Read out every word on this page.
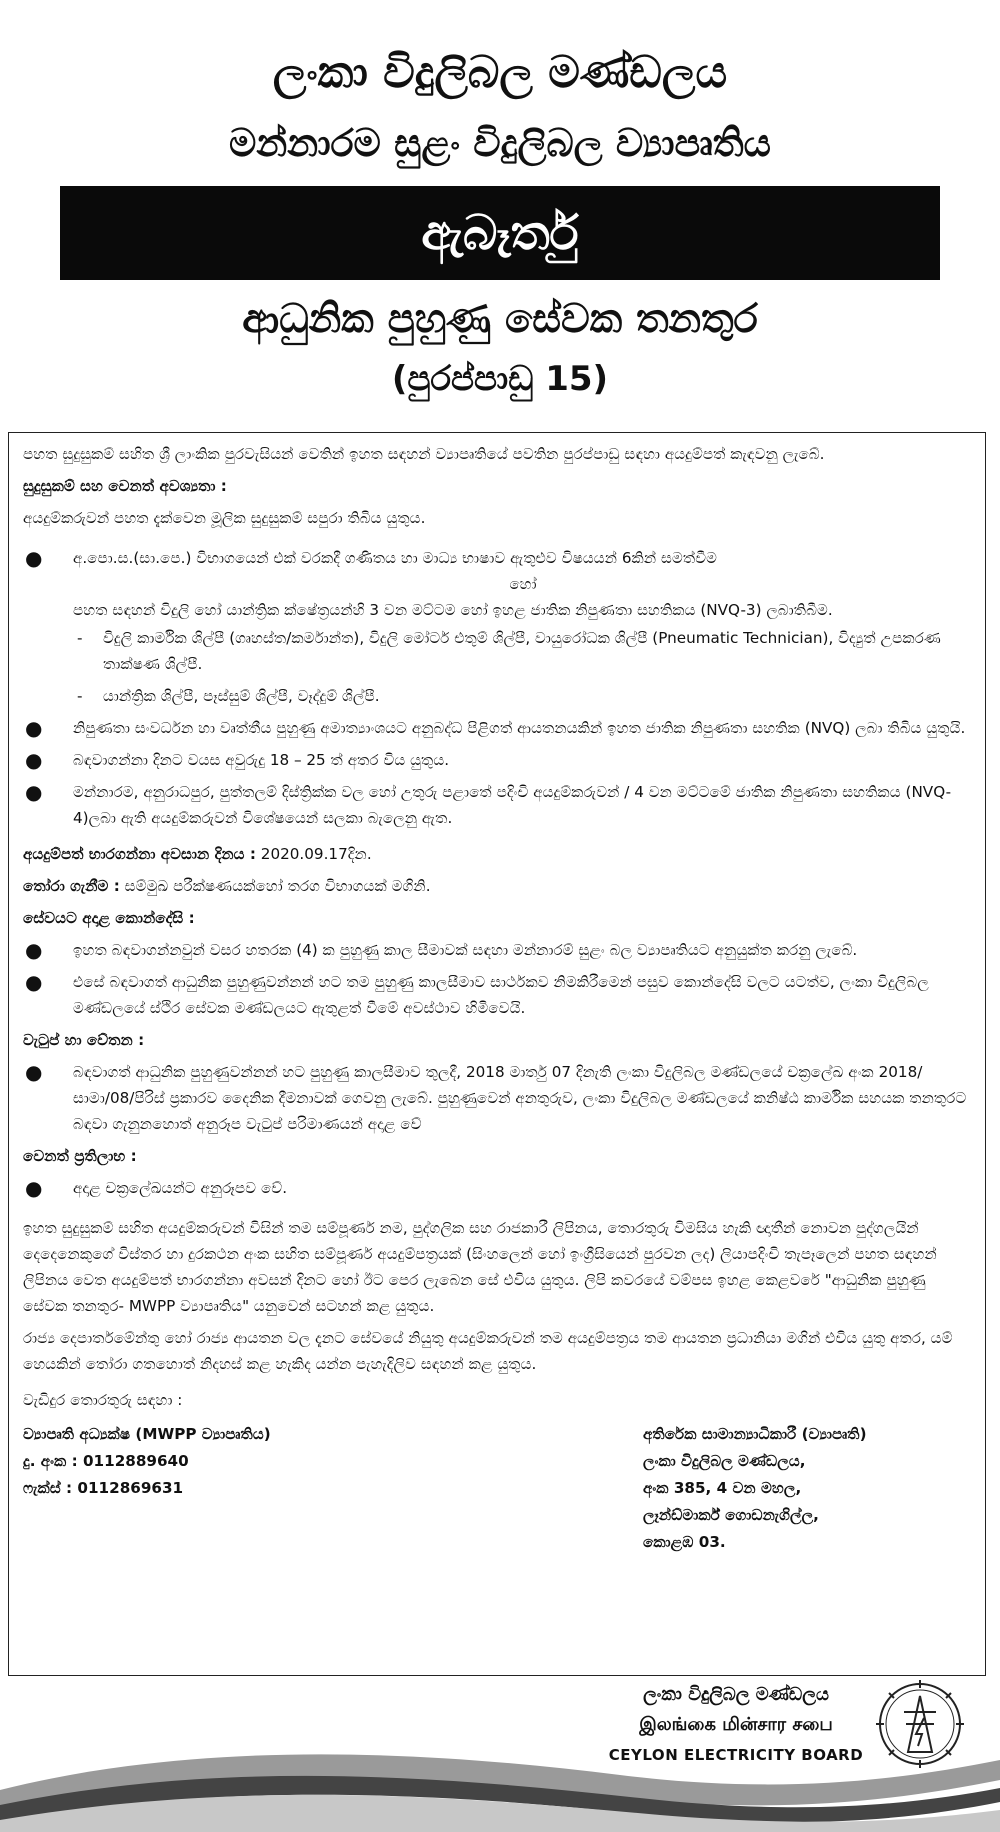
ලංකා විදුලිබල මණ්ඩලය
මන්නාරම සුළං විදුලිබල ව්‍යාපෘතිය
ඇබෑර්තු
ආධුනික පුහුණු සේවක තනතුර
(පුරප්පාඩු 15)
පහත සුදුසුකම් සහිත ශ්‍රී ලාංකික පුරවැසියන් වෙතින් ඉහත සඳහන් ව්‍යාපෘතියේ පවතින පුරප්පාඩු සඳහා අයදුම්පත් කැඳවනු ලැබේ.
සුදුසුකම් සහ වෙනත් අවශ්‍යතා :
අයදුම්කරුවන් පහත දැක්වෙන මූලික සුදුසුකම් සපුරා තිබිය යුතුය.
● අ.පො.ස.(සා.පෙ.) විභාගයෙන් එක් වරකදී ගණිතය හා මාධ්‍ය භාෂාව ඇතුළුව විෂයයන් 6කින් සමත්වීම
හෝ
පහත සඳහන් විදුලි හෝ යාන්ත්‍රික ක්ෂේත්‍රයන්හි 3 වන මට්ටම හෝ ඉහළ ජාතික නිපුණතා සහතිකය (NVQ-3) ලබාතිබීම.
- විදුලි කාර්මික ශිල්පී (ගෘහස්ත/කර්මාන්ත), විදුලි මෝටර් එතුම් ශිල්පී, වායුරෝධක ශිල්පී (Pneumatic Technician), විද්‍යුත් උපකරණ තාක්ෂණ ශිල්පී.
- යාන්ත්‍රික ශිල්පී, පෑස්සුම් ශිල්පී, වෑද්දුම් ශිල්පී.
● නිපුණතා සංවර්ධන හා වෘත්තීය පුහුණු අමාත්‍යාංශයට අනුබද්ධ පිළිගත් ආයතනයකින් ඉහත ජාතික නිපුණතා සහතික (NVQ) ලබා තිබිය යුතුයි.
● බඳවාගන්නා දිනට වයස අවුරුදු 18 – 25 ත් අතර විය යුතුය.
● මන්නාරම, අනුරාධපුර, පුත්තලම් දිස්ත්‍රික්ක වල හෝ උතුරු පළාතේ පදිංචි අයදුම්කරුවන් / 4 වන මට්ටමේ ජාතික නිපුණතා සහතිකය (NVQ-4)ලබා ඇති අයදුම්කරුවන් විශේෂයෙන් සලකා බැලෙනු ඇත.
අයදුම්පත් භාරගන්නා අවසාන දිනය : 2020.09.17දින.
තෝරා ගැනීම : සම්මුඛ පරීක්ෂණයක්හෝ තරග විභාගයක් මගිනි.
සේවයට අදාළ කොන්දේසි :
● ඉහත බඳවාගන්නවුන් වසර හතරක (4) ක පුහුණු කාල සීමාවක් සඳහා මන්නාරම් සුළං බල ව්‍යාපෘතියට අනුයුක්ත කරනු ලැබේ.
● එසේ බඳවාගත් ආධුනික පුහුණුවන්නන් හට තම පුහුණු කාලසීමාව සාර්ථකව නිමකිරීමෙන් පසුව කොන්දේසි වලට යටත්ව, ලංකා විදුලිබල මණ්ඩලයේ ස්ථිර සේවක මණ්ඩලයට ඇතුළත් වීමේ අවස්ථාව හිමිවෙයි.
වැටුප් හා වේතන :
● බඳවාගත් ආධුනික පුහුණුවන්නන් හට පුහුණු කාලසීමාව තුලදී, 2018 මාර්තු 07 දිනැති ලංකා විදුලිබල මණ්ඩලයේ චක්‍රලේඛ අංක 2018/සාමා/08/පිරිස් ප්‍රකාරව දෛනික දීමනාවක් ගෙවනු ලැබේ. පුහුණුවෙන් අනතුරුව, ලංකා විදුලිබල මණ්ඩලයේ කනිෂ්ඨ කාර්මික සහයක තනතුරට බඳවා ගැනුනහොත් අනුරූප වැටුප් පරිමාණයන් අදාළ වේ
වෙනත් ප්‍රතිලාභ :
● අදාළ චක්‍රලේඛයන්ට අනුරූපව වේ.
ඉහත සුදුසුකම් සහිත අයදුම්කරුවන් විසින් තම සම්පූර්ණ නම, පුද්ගලික සහ රාජකාරී ලිපිනය, තොරතුරු විමසිය හැකි ඥාතීන් නොවන පුද්ගලයින් දෙදෙනෙකුගේ විස්තර හා දුරකථන අංක සහිත සම්පූර්ණ අයදුම්පත්‍රයක් (සිංහලෙන් හෝ ඉංග්‍රීසියෙන් පුරවන ලද) ලියාපදිංචි තැපෑලෙන් පහත සඳහන් ලිපිනය වෙත අයදුම්පත් භාරගන්නා අවසන් දිනට හෝ ඊට පෙර ලැබෙන සේ එවිය යුතුය. ලිපි කවරයේ වම්පස ඉහළ කෙළවරේ "ආධුනික පුහුණු සේවක තනතුර- MWPP ව්‍යාපෘතිය" යනුවෙන් සටහන් කළ යුතුය.
රාජ්‍ය දෙපාර්තමේන්තු හෝ රාජ්‍ය ආයතන වල දැනට සේවයේ නියුතු අයදුම්කරුවන් තම අයදුම්පත්‍රය තම ආයතන ප්‍රධානියා මගින් එවිය යුතු අතර, යම් හෙයකින් තෝරා ගතහොත් නිදහස් කළ හැකිද යන්න පැහැදිලිව සඳහන් කළ යුතුය.
වැඩිදුර තොරතුරු සඳහා :
ව්‍යාපෘති අධ්‍යක්ෂ (MWPP ව්‍යාපෘතිය)
දු. අංක : 0112889640
ෆැක්ස් : 0112869631
අතිරේක සාමාන්‍යාධිකාරී (ව්‍යාපෘති)
ලංකා විදුලිබල මණ්ඩලය,
අංක 385, 4 වන මහල,
ලෑන්ඩ්මාර්ක් ගොඩනැගිල්ල,
කොළඹ 03.
ලංකා විදුලිබල මණ්ඩලය
இலங்கை மின்சார சபை
CEYLON ELECTRICITY BOARD
